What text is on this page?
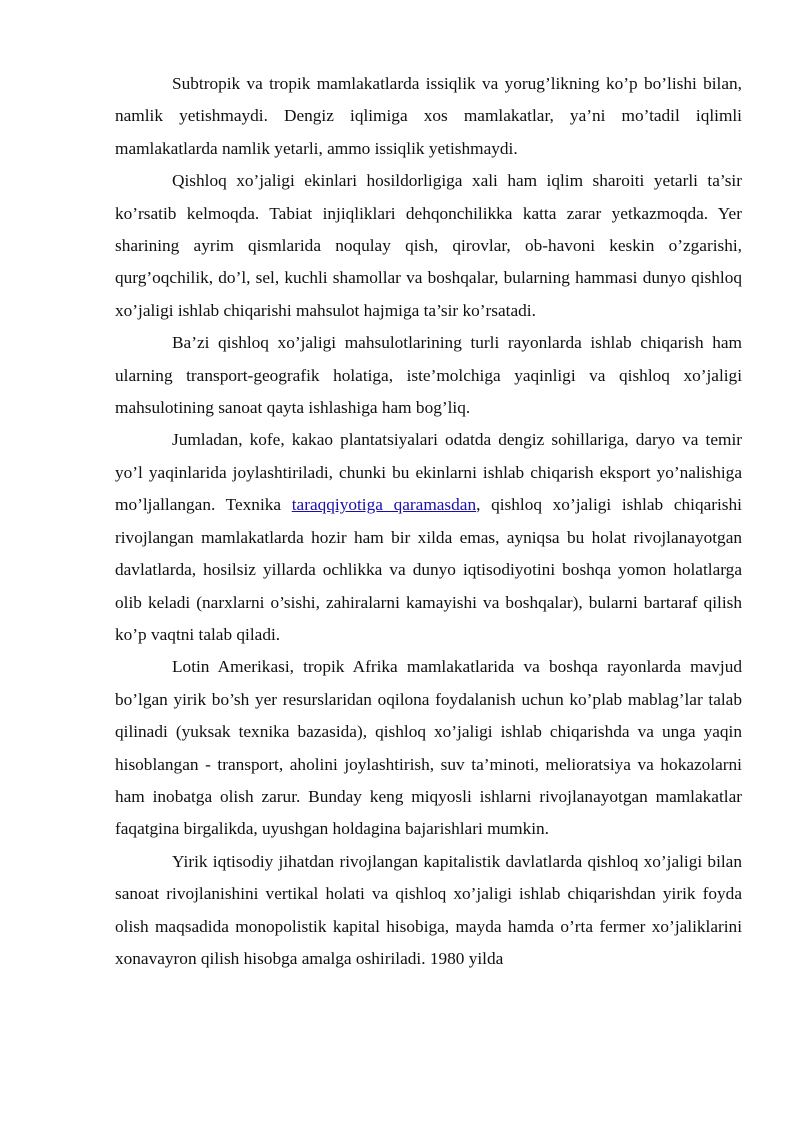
Subtropik va tropik mamlakatlarda issiqlik va yorug’likning ko’p bo’lishi bilan, namlik yetishmaydi. Dengiz iqlimiga xos mamlakatlar, ya’ni mo’tadil iqlimli mamlakatlarda namlik yetarli, ammo issiqlik yetishmaydi.

Qishloq xo’jaligi ekinlari hosildorligiga xali ham iqlim sharoiti yetarli ta’sir ko’rsatib kelmoqda. Tabiat injiqliklari dehqonchilikka katta zarar yetkazmoqda. Yer sharining ayrim qismlarida noqulay qish, qirovlar, ob-havoni keskin o’zgarishi, qurg’oqchilik, do’l, sel, kuchli shamollar va boshqalar, bularning hammasi dunyo qishloq xo’jaligi ishlab chiqarishi mahsulot hajmiga ta’sir ko’rsatadi.

Ba’zi qishloq xo’jaligi mahsulotlarining turli rayonlarda ishlab chiqarish ham ularning transport-geografik holatiga, iste’molchiga yaqinligi va qishloq xo’jaligi mahsulotining sanoat qayta ishlashiga ham bog’liq.

Jumladan, kofe, kakao plantatsiyalari odatda dengiz sohillariga, daryo va temir yo’l yaqinlarida joylashtiriladi, chunki bu ekinlarni ishlab chiqarish eksport yo’nalishiga mo’ljallangan. Texnika taraqqiyotiga qaramasdan, qishloq xo’jaligi ishlab chiqarishi rivojlangan mamlakatlarda hozir ham bir xilda emas, ayniqsa bu holat rivojlanayotgan davlatlarda, hosilsiz yillarda ochlikka va dunyo iqtisodiyotini boshqa yomon holatlarga olib keladi (narxlarni o’sishi, zahiralarni kamayishi va boshqalar), bularni bartaraf qilish ko’p vaqtni talab qiladi.

Lotin Amerikasi, tropik Afrika mamlakatlarida va boshqa rayonlarda mavjud bo’lgan yirik bo’sh yer resurslaridan oqilona foydalanish uchun ko’plab mablag’lar talab qilinadi (yuksak texnika bazasida), qishloq xo’jaligi ishlab chiqarishda va unga yaqin hisoblangan - transport, aholini joylashtirish, suv ta’minoti, melioratsiya va hokazolarni ham inobatga olish zarur. Bunday keng miqyosli ishlarni rivojlanayotgan mamlakatlar faqatgina birgalikda, uyushgan holdagina bajarishlari mumkin.

Yirik iqtisodiy jihatdan rivojlangan kapitalistik davlatlarda qishloq xo’jaligi bilan sanoat rivojlanishini vertikal holati va qishloq xo’jaligi ishlab chiqarishdan yirik foyda olish maqsadida monopolistik kapital hisobiga, mayda hamda o’rta fermer xo’jaliklarini xonavayron qilish hisobga amalga oshiriladi. 1980 yilda
